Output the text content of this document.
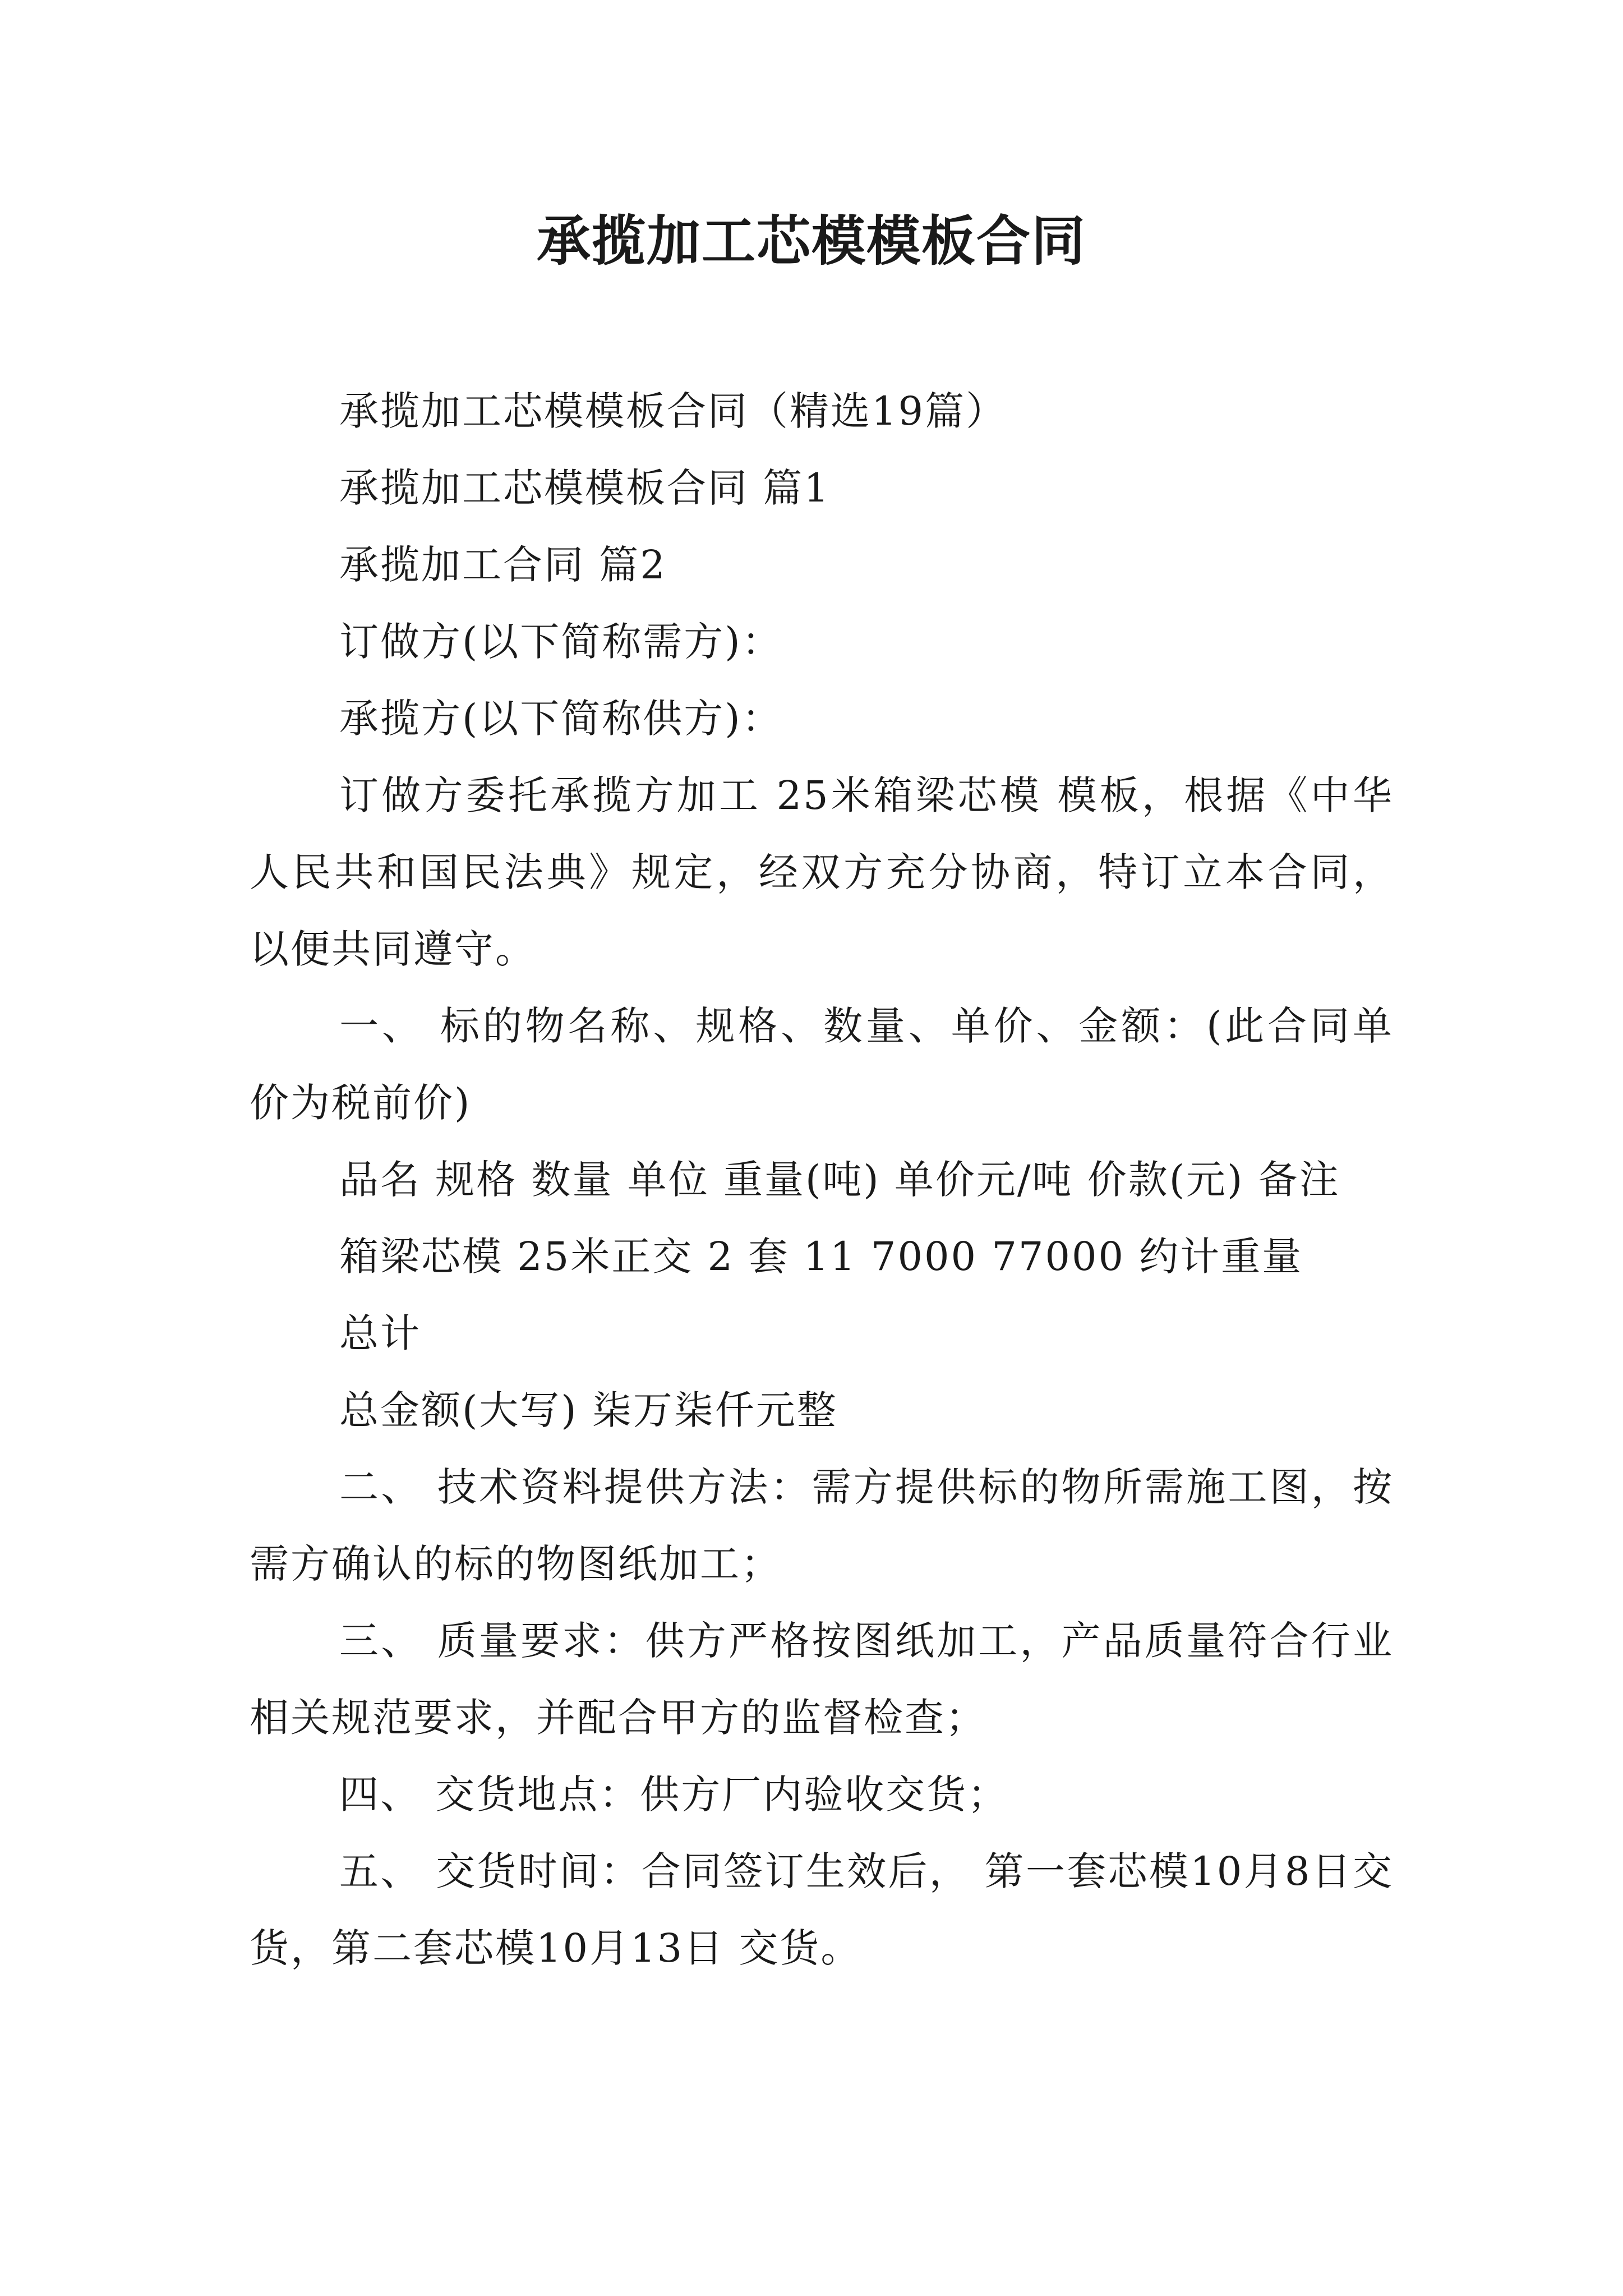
承揽加工芯模模板合同

承揽加工芯模模板合同（精选19篇）

承揽加工芯模模板合同 篇1

承揽加工合同 篇2

订做方(以下简称需方)：

承揽方(以下简称供方)：

订做方委托承揽方加工 25米箱梁芯模 模板，根据《中华人民共和国民法典》规定，经双方充分协商，特订立本合同，以便共同遵守。

一、 标的物名称、规格、数量、单价、金额：(此合同单价为税前价)

品名 规格 数量 单位 重量(吨) 单价元/吨 价款(元) 备注

箱梁芯模 25米正交 2 套 11 7000 77000 约计重量

总计

总金额(大写) 柒万柒仟元整

二、 技术资料提供方法：需方提供标的物所需施工图，按需方确认的标的物图纸加工；

三、 质量要求：供方严格按图纸加工，产品质量符合行业相关规范要求，并配合甲方的监督检查；

四、 交货地点：供方厂内验收交货；

五、 交货时间：合同签订生效后， 第一套芯模10月8日交货，第二套芯模10月13日 交货。
